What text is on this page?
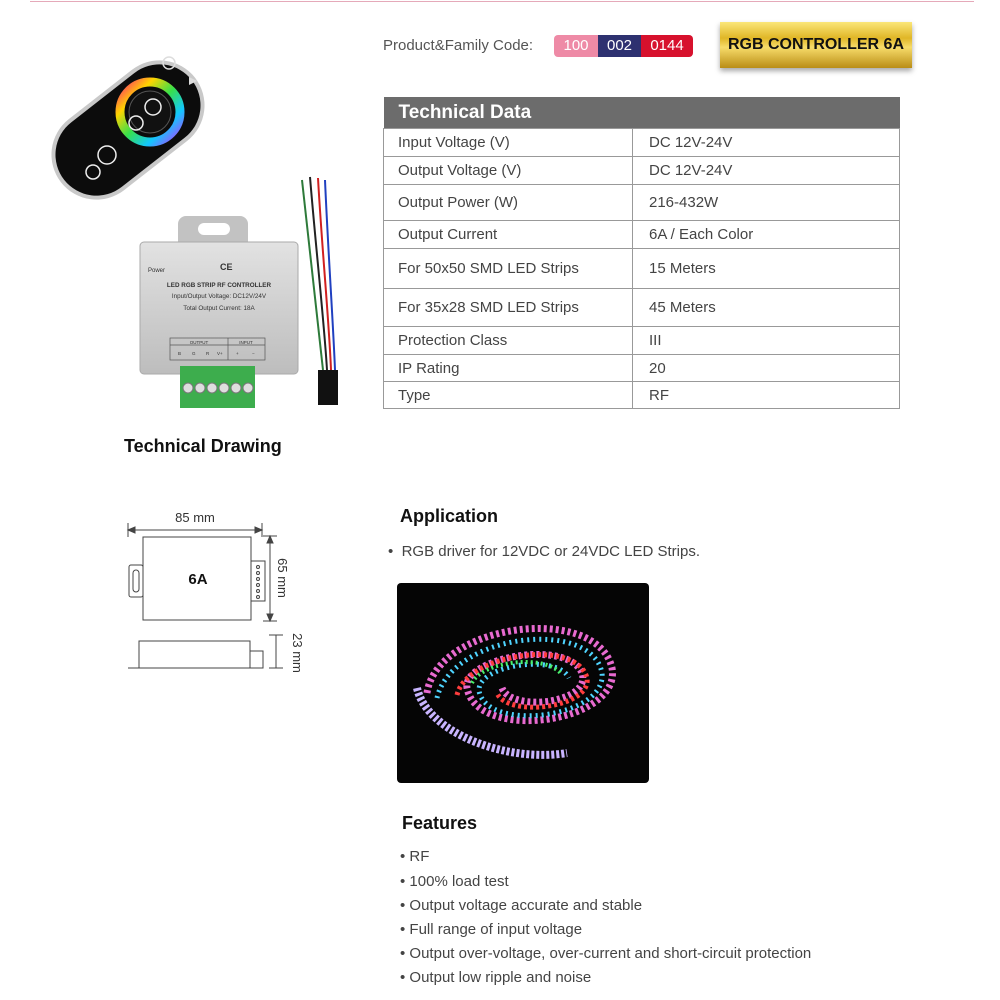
Product&Family Code:	100	002	0144	RGB CONTROLLER 6A
Technical Data	
Input Voltage (V)	DC 12V-24V
Output Voltage (V)	DC 12V-24V
Output Power (W)	216-432W
Output Current	6A / Each Color
For 50x50 SMD LED Strips	15 Meters
For 35x28 SMD LED Strips	45 Meters
Protection Class	III
IP Rating	20
Type	RF
Power	CE
LED RGB STRIP RF CONTROLLER
Input/Output Voltage: DC12V/24V
Total Output Current: 18A
OUTPUT	INPUT
B G R V+	+	−
Technical Drawing
85 mm
6A	65 mm
23 mm
Application
•  RGB driver for 12VDC or 24VDC LED Strips.
Features
• RF
• 100% load test
• Output voltage accurate and stable
• Full range of input voltage
• Output over-voltage, over-current and short-circuit protection
• Output low ripple and noise
